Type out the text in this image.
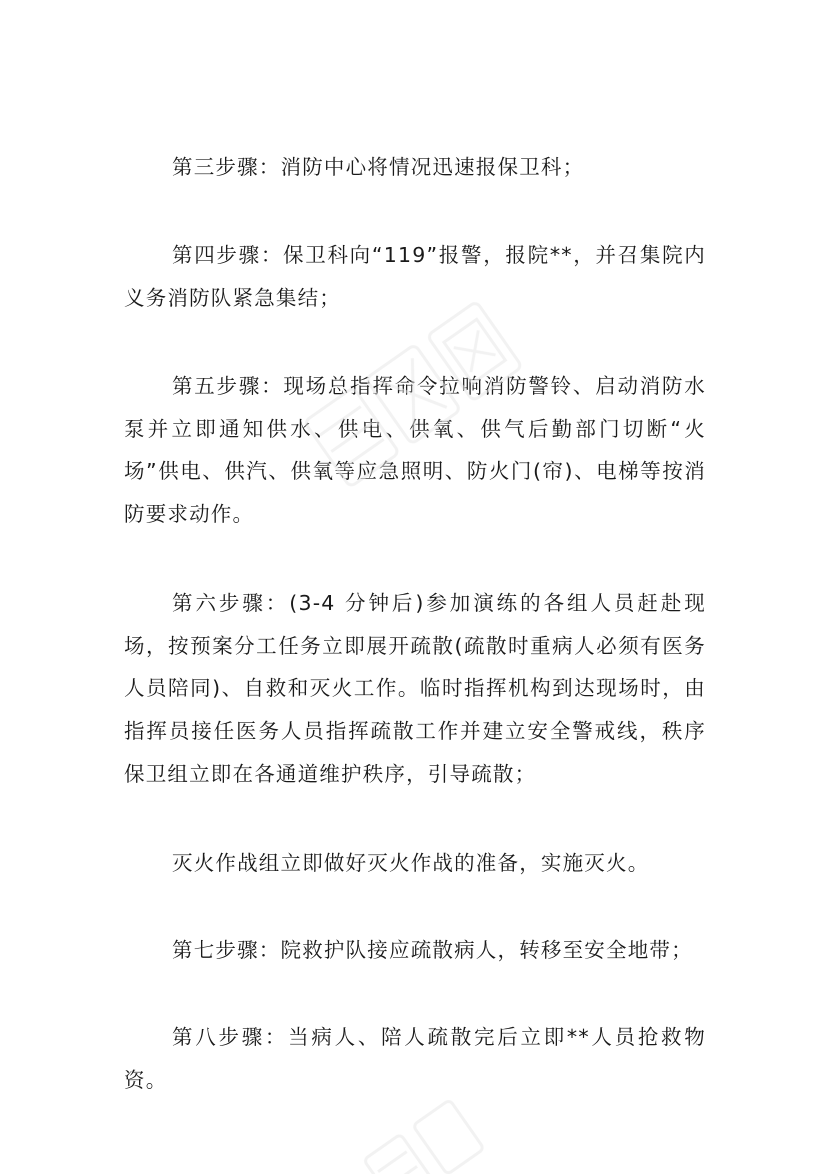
第三步骤：消防中心将情况迅速报保卫科；

第四步骤：保卫科向“119”报警，报院**，并召集院内义务消防队紧急集结；

第五步骤：现场总指挥命令拉响消防警铃、启动消防水泵并立即通知供水、供电、供氧、供气后勤部门切断“火场”供电、供汽、供氧等应急照明、防火门(帘)、电梯等按消防要求动作。

第六步骤：(3-4 分钟后)参加演练的各组人员赶赴现场，按预案分工任务立即展开疏散(疏散时重病人必须有医务人员陪同)、自救和灭火工作。临时指挥机构到达现场时，由指挥员接任医务人员指挥疏散工作并建立安全警戒线，秩序保卫组立即在各通道维护秩序，引导疏散；

灭火作战组立即做好灭火作战的准备，实施灭火。

第七步骤：院救护队接应疏散病人，转移至安全地带；

第八步骤：当病人、陪人疏散完后立即**人员抢救物资。
